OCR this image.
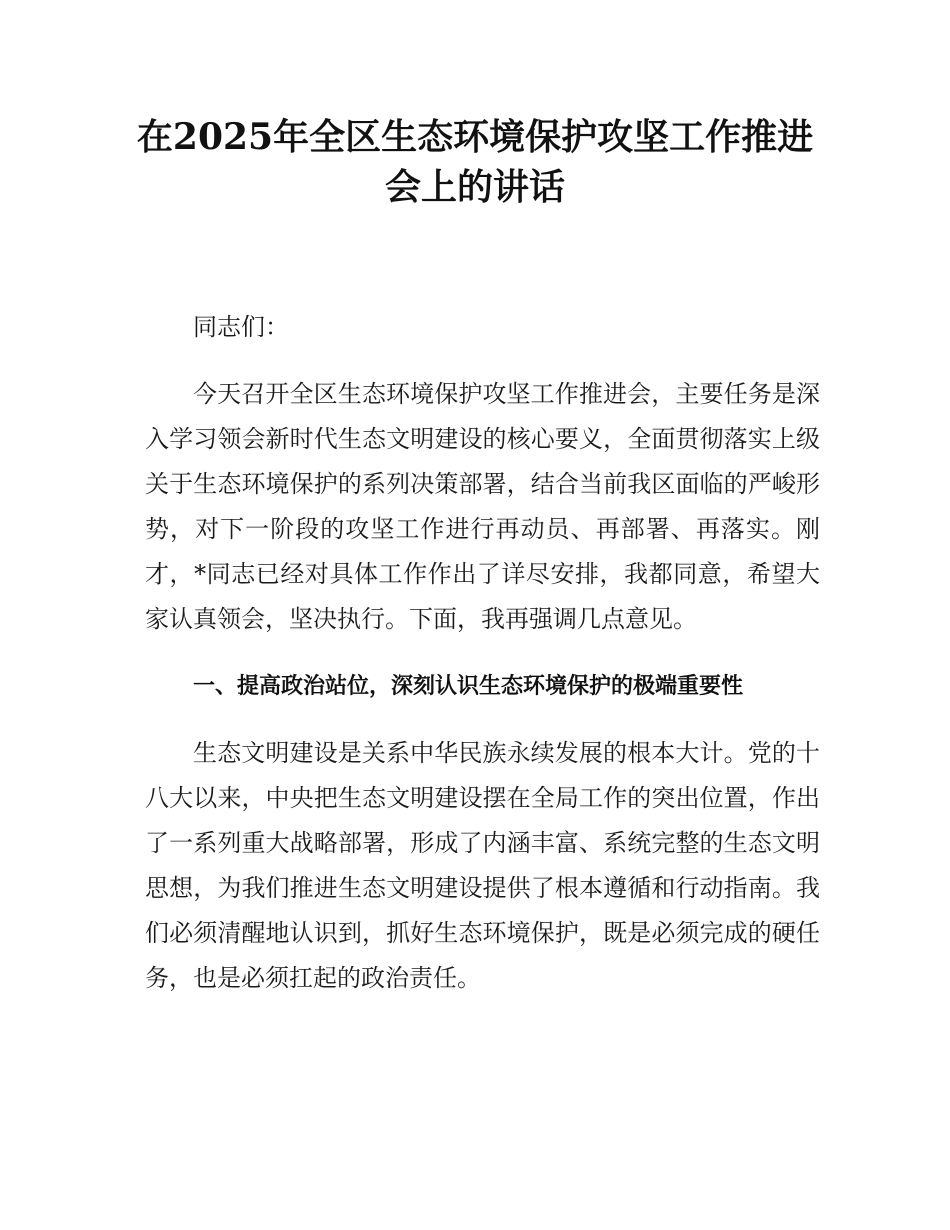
在2025年全区生态环境保护攻坚工作推进会上的讲话

同志们：

今天召开全区生态环境保护攻坚工作推进会，主要任务是深入学习领会新时代生态文明建设的核心要义，全面贯彻落实上级关于生态环境保护的系列决策部署，结合当前我区面临的严峻形势，对下一阶段的攻坚工作进行再动员、再部署、再落实。刚才，*同志已经对具体工作作出了详尽安排，我都同意，希望大家认真领会，坚决执行。下面，我再强调几点意见。

一、提高政治站位，深刻认识生态环境保护的极端重要性

生态文明建设是关系中华民族永续发展的根本大计。党的十八大以来，中央把生态文明建设摆在全局工作的突出位置，作出了一系列重大战略部署，形成了内涵丰富、系统完整的生态文明思想，为我们推进生态文明建设提供了根本遵循和行动指南。我们必须清醒地认识到，抓好生态环境保护，既是必须完成的硬任务，也是必须扛起的政治责任。
